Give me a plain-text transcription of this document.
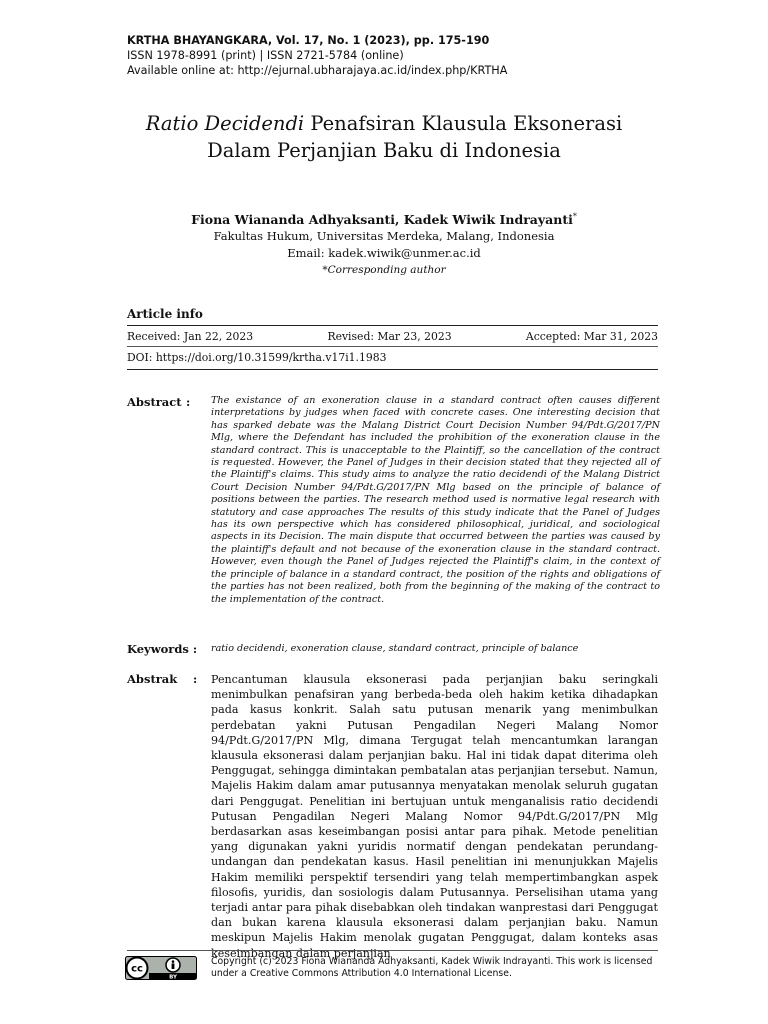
KRTHA BHAYANGKARA, Vol. 17, No. 1 (2023), pp. 175-190
ISSN 1978-8991 (print) | ISSN 2721-5784 (online)
Available online at: http://ejurnal.ubharajaya.ac.id/index.php/KRTHA
Ratio Decidendi Penafsiran Klausula Eksonerasi
Dalam Perjanjian Baku di Indonesia
Fiona Wiananda Adhyaksanti, Kadek Wiwik Indrayanti*
Fakultas Hukum, Universitas Merdeka, Malang, Indonesia
Email: kadek.wiwik@unmer.ac.id
*Corresponding author
Article info
Received: Jan 22, 2023	Revised: Mar 23, 2023	Accepted: Mar 31, 2023
DOI: https://doi.org/10.31599/krtha.v17i1.1983
Abstract : The existance of an exoneration clause in a standard contract often causes different interpretations by judges when faced with concrete cases. One interesting decision that has sparked debate was the Malang District Court Decision Number 94/Pdt.G/2017/PN Mlg, where the Defendant has included the prohibition of the exoneration clause in the standard contract. This is unacceptable to the Plaintiff, so the cancellation of the contract is requested. However, the Panel of Judges in their decision stated that they rejected all of the Plaintiff's claims. This study aims to analyze the ratio decidendi of the Malang District Court Decision Number 94/Pdt.G/2017/PN Mlg based on the principle of balance of positions between the parties. The research method used is normative legal research with statutory and case approaches The results of this study indicate that the Panel of Judges has its own perspective which has considered philosophical, juridical, and sociological aspects in its Decision. The main dispute that occurred between the parties was caused by the plaintiff's default and not because of the exoneration clause in the standard contract. However, even though the Panel of Judges rejected the Plaintiff's claim, in the context of the principle of balance in a standard contract, the position of the rights and obligations of the parties has not been realized, both from the beginning of the making of the contract to the implementation of the contract.
Keywords : ratio decidendi, exoneration clause, standard contract, principle of balance
Abstrak : Pencantuman klausula eksonerasi pada perjanjian baku seringkali menimbulkan penafsiran yang berbeda-beda oleh hakim ketika dihadapkan pada kasus konkrit. Salah satu putusan menarik yang menimbulkan perdebatan yakni Putusan Pengadilan Negeri Malang Nomor 94/Pdt.G/2017/PN Mlg, dimana Tergugat telah mencantumkan larangan klausula eksonerasi dalam perjanjian baku. Hal ini tidak dapat diterima oleh Penggugat, sehingga dimintakan pembatalan atas perjanjian tersebut. Namun, Majelis Hakim dalam amar putusannya menyatakan menolak seluruh gugatan dari Penggugat. Penelitian ini bertujuan untuk menganalisis ratio decidendi Putusan Pengadilan Negeri Malang Nomor 94/Pdt.G/2017/PN Mlg berdasarkan asas keseimbangan posisi antar para pihak. Metode penelitian yang digunakan yakni yuridis normatif dengan pendekatan perundang-undangan dan pendekatan kasus. Hasil penelitian ini menunjukkan Majelis Hakim memiliki perspektif tersendiri yang telah mempertimbangkan aspek filosofis, yuridis, dan sosiologis dalam Putusannya. Perselisihan utama yang terjadi antar para pihak disebabkan oleh tindakan wanprestasi dari Penggugat dan bukan karena klausula eksonerasi dalam perjanjian baku. Namun meskipun Majelis Hakim menolak gugatan Penggugat, dalam konteks asas keseimbangan dalam perjanjian
cc
BY
Copyright (c) 2023 Fiona Wiananda Adhyaksanti, Kadek Wiwik Indrayanti. This work is licensed under a Creative Commons Attribution 4.0 International License.
